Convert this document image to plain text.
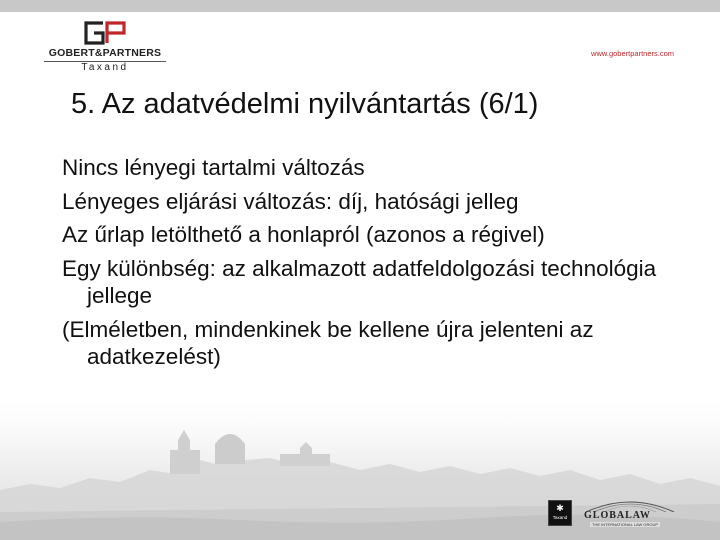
GOBERT&PARTNERS
Taxand
www.gobertpartners.com
5. Az adatvédelmi nyilvántartás (6/1)
Nincs lényegi tartalmi változás
Lényeges eljárási változás: díj, hatósági jelleg
Az űrlap letölthető a honlapról (azonos a régivel)
Egy különbség: az alkalmazott adatfeldolgozási technológia jellege
(Elméletben, mindenkinek be kellene újra jelenteni az adatkezelést)
✱
Taxand	GLOBALAW
THE INTERNATIONAL LAW GROUP
